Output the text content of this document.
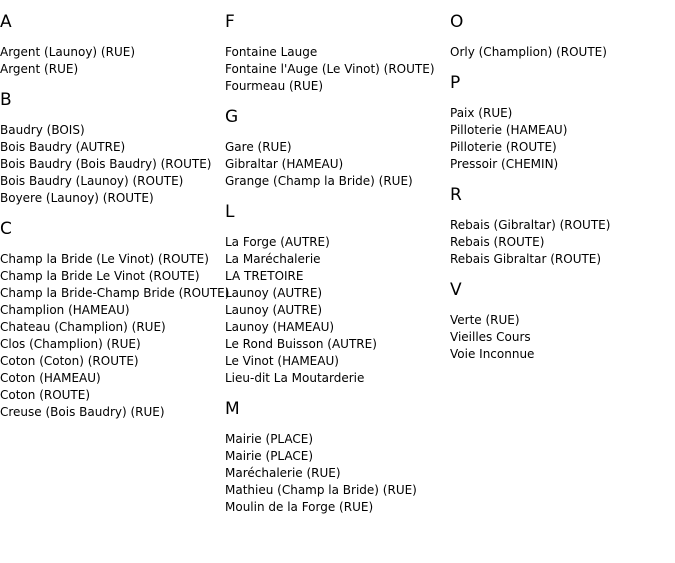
A
Argent (Launoy) (RUE)
Argent (RUE)
B
Baudry (BOIS)
Bois Baudry (AUTRE)
Bois Baudry (Bois Baudry) (ROUTE)
Bois Baudry (Launoy) (ROUTE)
Boyere (Launoy) (ROUTE)
C
Champ la Bride (Le Vinot) (ROUTE)
Champ la Bride Le Vinot (ROUTE)
Champ la Bride-Champ Bride (ROUTE)
Champlion (HAMEAU)
Chateau (Champlion) (RUE)
Clos (Champlion) (RUE)
Coton (Coton) (ROUTE)
Coton (HAMEAU)
Coton (ROUTE)
Creuse (Bois Baudry) (RUE)
F
Fontaine Lauge
Fontaine l'Auge (Le Vinot) (ROUTE)
Fourmeau (RUE)
G
Gare (RUE)
Gibraltar (HAMEAU)
Grange (Champ la Bride) (RUE)
L
La Forge (AUTRE)
La Maréchalerie
LA TRETOIRE
Launoy (AUTRE)
Launoy (AUTRE)
Launoy (HAMEAU)
Le Rond Buisson (AUTRE)
Le Vinot (HAMEAU)
Lieu-dit La Moutarderie
M
Mairie (PLACE)
Mairie (PLACE)
Maréchalerie (RUE)
Mathieu (Champ la Bride) (RUE)
Moulin de la Forge (RUE)
O
Orly (Champlion) (ROUTE)
P
Paix (RUE)
Pilloterie (HAMEAU)
Pilloterie (ROUTE)
Pressoir (CHEMIN)
R
Rebais (Gibraltar) (ROUTE)
Rebais (ROUTE)
Rebais Gibraltar (ROUTE)
V
Verte (RUE)
Vieilles Cours
Voie Inconnue
